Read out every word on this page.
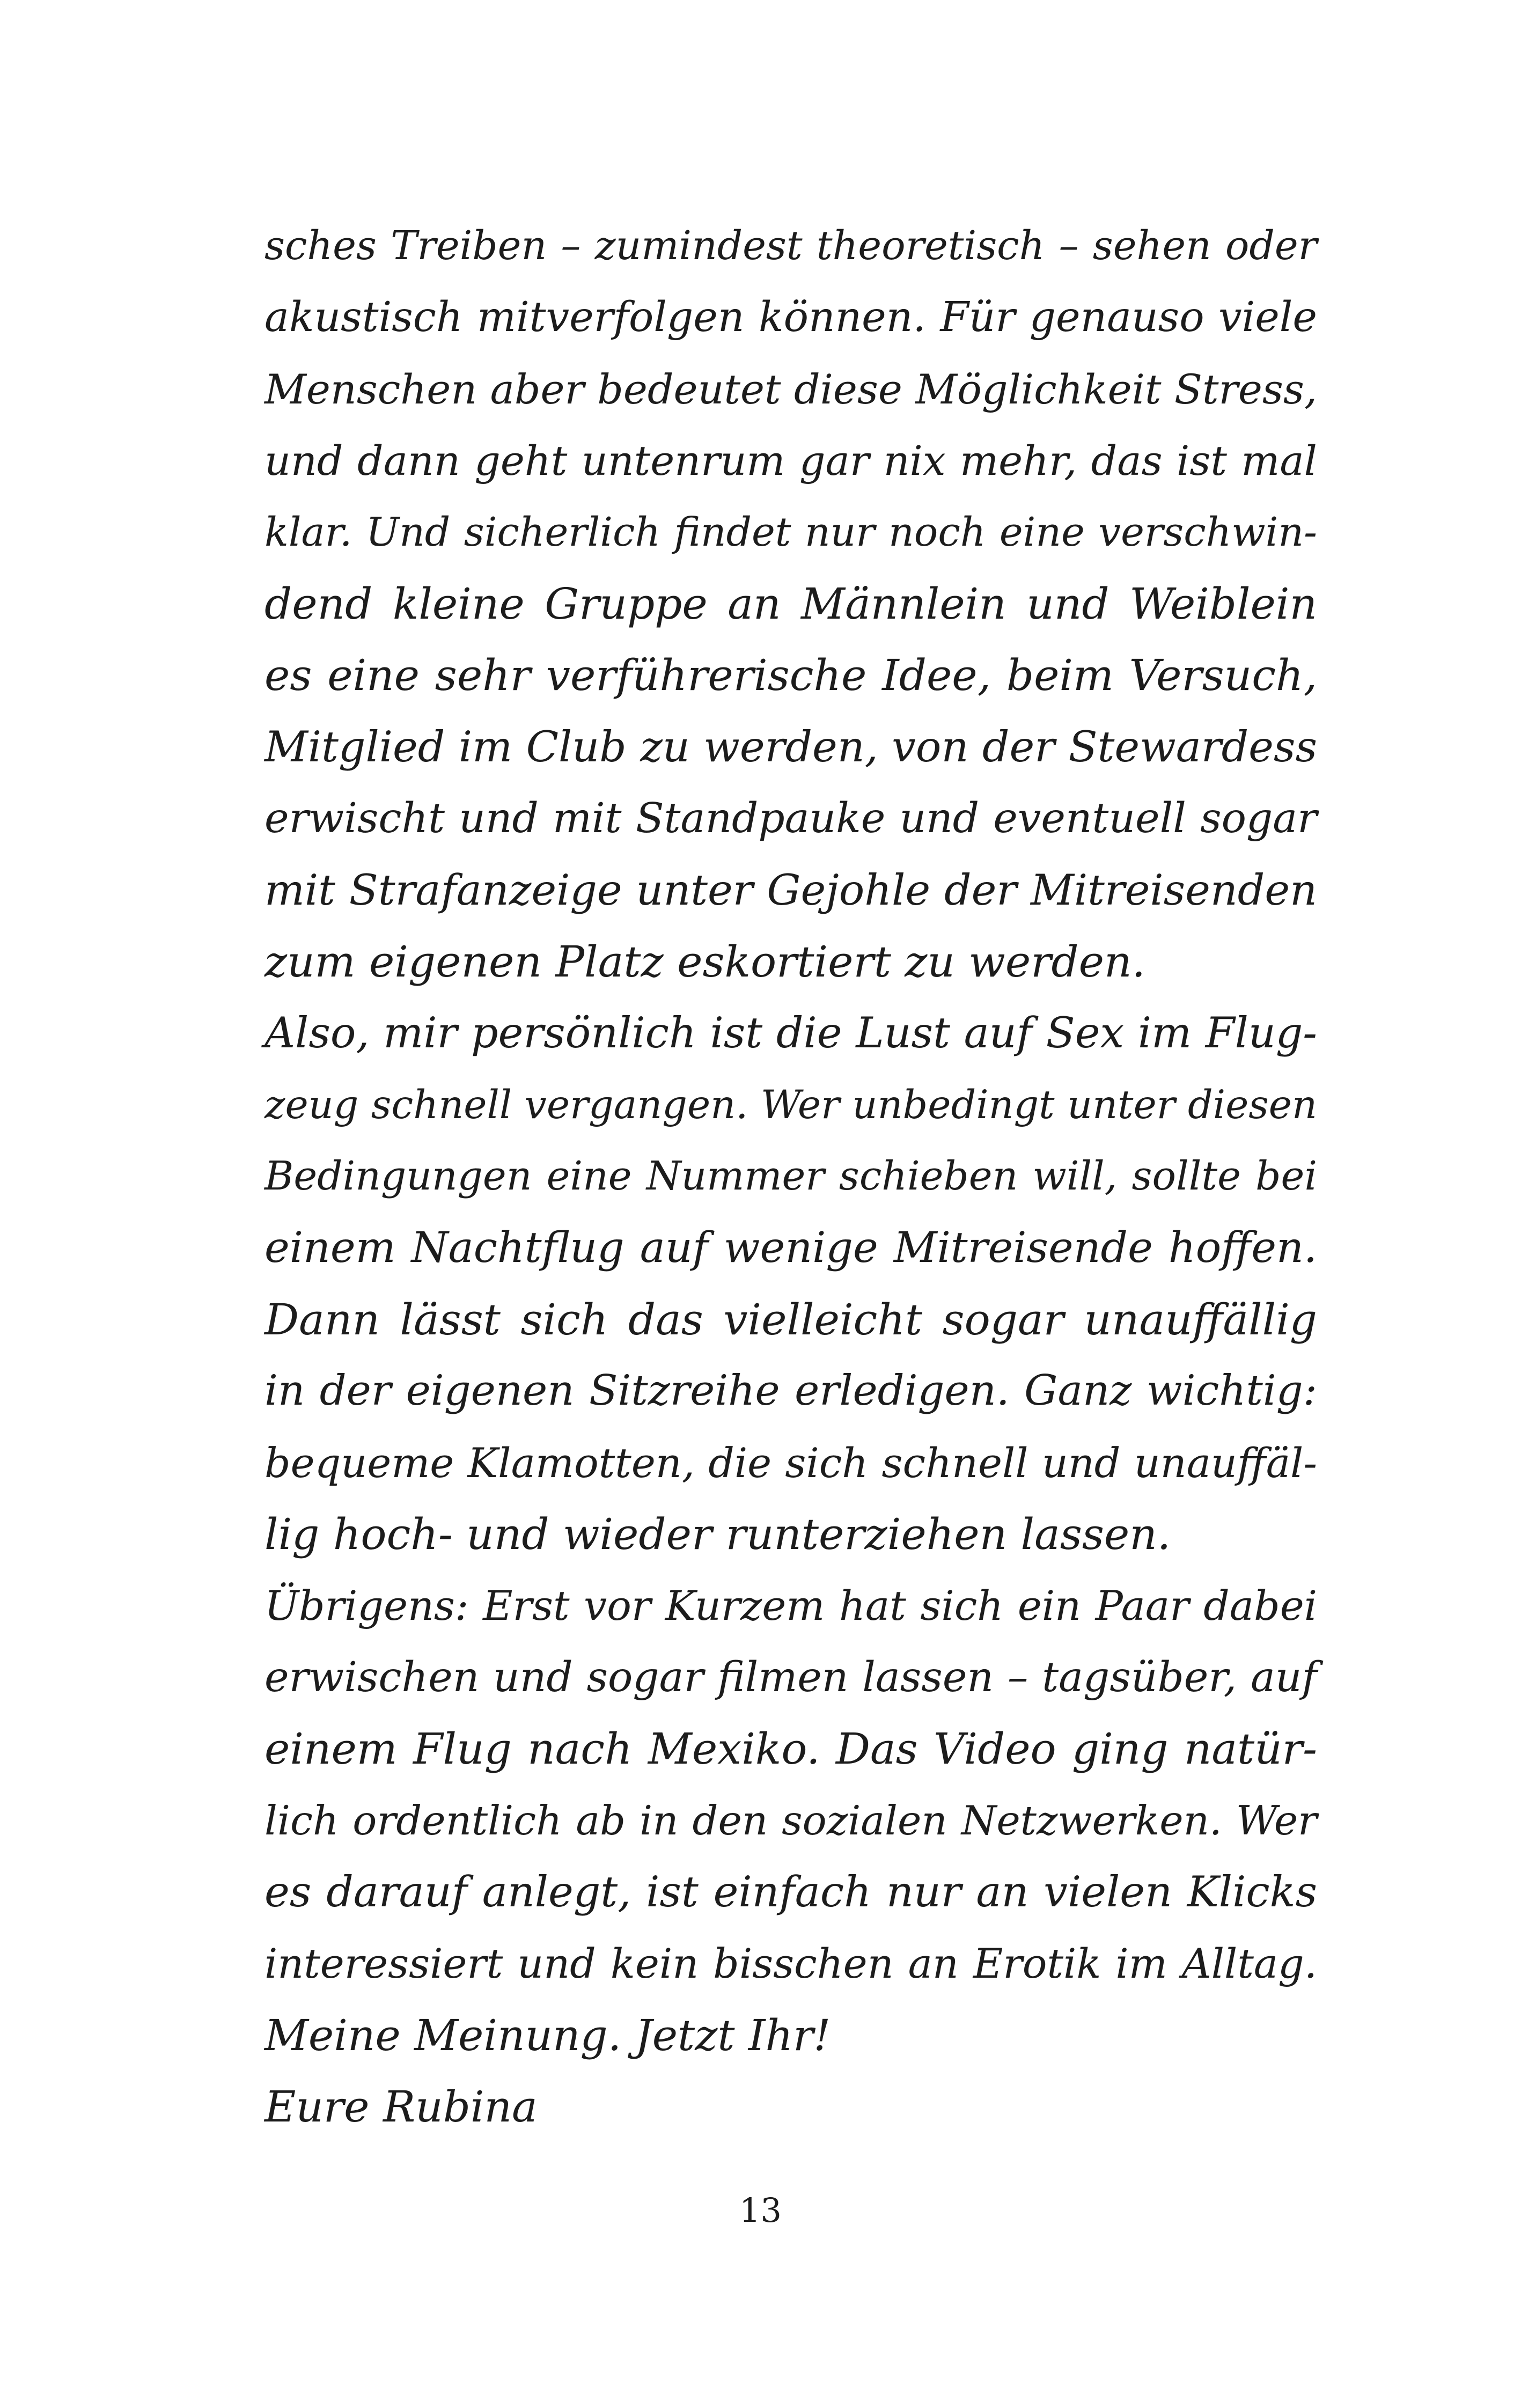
sches Treiben – zumindest theoretisch – sehen oder
akustisch mitverfolgen können. Für genauso viele
Menschen aber bedeutet diese Möglichkeit Stress,
und dann geht untenrum gar nix mehr, das ist mal
klar. Und sicherlich findet nur noch eine verschwin-
dend kleine Gruppe an Männlein und Weiblein
es eine sehr verführerische Idee, beim Versuch,
Mitglied im Club zu werden, von der Stewardess
erwischt und mit Standpauke und eventuell sogar
mit Strafanzeige unter Gejohle der Mitreisenden
zum eigenen Platz eskortiert zu werden.
Also, mir persönlich ist die Lust auf Sex im Flug-
zeug schnell vergangen. Wer unbedingt unter diesen
Bedingungen eine Nummer schieben will, sollte bei
einem Nachtflug auf wenige Mitreisende hoffen.
Dann lässt sich das vielleicht sogar unauffällig
in der eigenen Sitzreihe erledigen. Ganz wichtig:
bequeme Klamotten, die sich schnell und unauffäl-
lig hoch- und wieder runterziehen lassen.
Übrigens: Erst vor Kurzem hat sich ein Paar dabei
erwischen und sogar filmen lassen – tagsüber, auf
einem Flug nach Mexiko. Das Video ging natür-
lich ordentlich ab in den sozialen Netzwerken. Wer
es darauf anlegt, ist einfach nur an vielen Klicks
interessiert und kein bisschen an Erotik im Alltag.
Meine Meinung. Jetzt Ihr!
Eure Rubina
13
